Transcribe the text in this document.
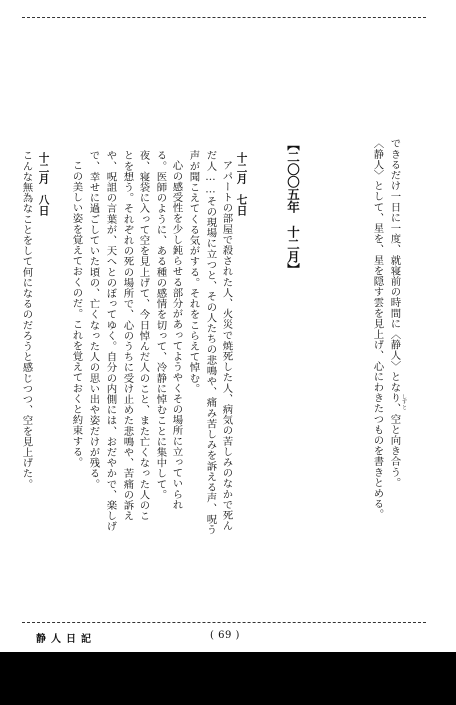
できるだけ一日に一度、就寝前の時間に〈静人〉となり、空と向き合う。
〈静人〉として、星を、星を隠す雲を見上げ、心にわきたつものを書きとめる。	しずと
【二〇〇五年　十二月】
十二月　七日
アパートの部屋で殺された人、火災で焼死した人、病気の苦しみのなかで死ん
だ人……その現場に立つと、その人たちの悲鳴や、痛み苦しみを訴える声、呪う
声が聞こえてくる気がする。それをこらえて悼む。
心の感受性を少し鈍らせる部分があってようやくその場所に立っていられ
る。医師のように、ある種の感情を切って、冷静に悼むことに集中して。
夜、寝袋に入って空を見上げて、今日悼んだ人のこと、また亡くなった人のこ
とを想う。それぞれの死の場所で、心のうちに受け止めた悲鳴や、苦痛の訴え
や、呪詛の言葉が、天へとのぼってゆく。自分の内側には、おだやかで、楽しげ
で、幸せに過ごしていた頃の、亡くなった人の思い出や姿だけが残る。
この美しい姿を覚えておくのだ。これを覚えておくと約束する。
十二月　八日
こんな無為なことをして何になるのだろうと感じつつ、空を見上げた。
静人日記	( 69 )
